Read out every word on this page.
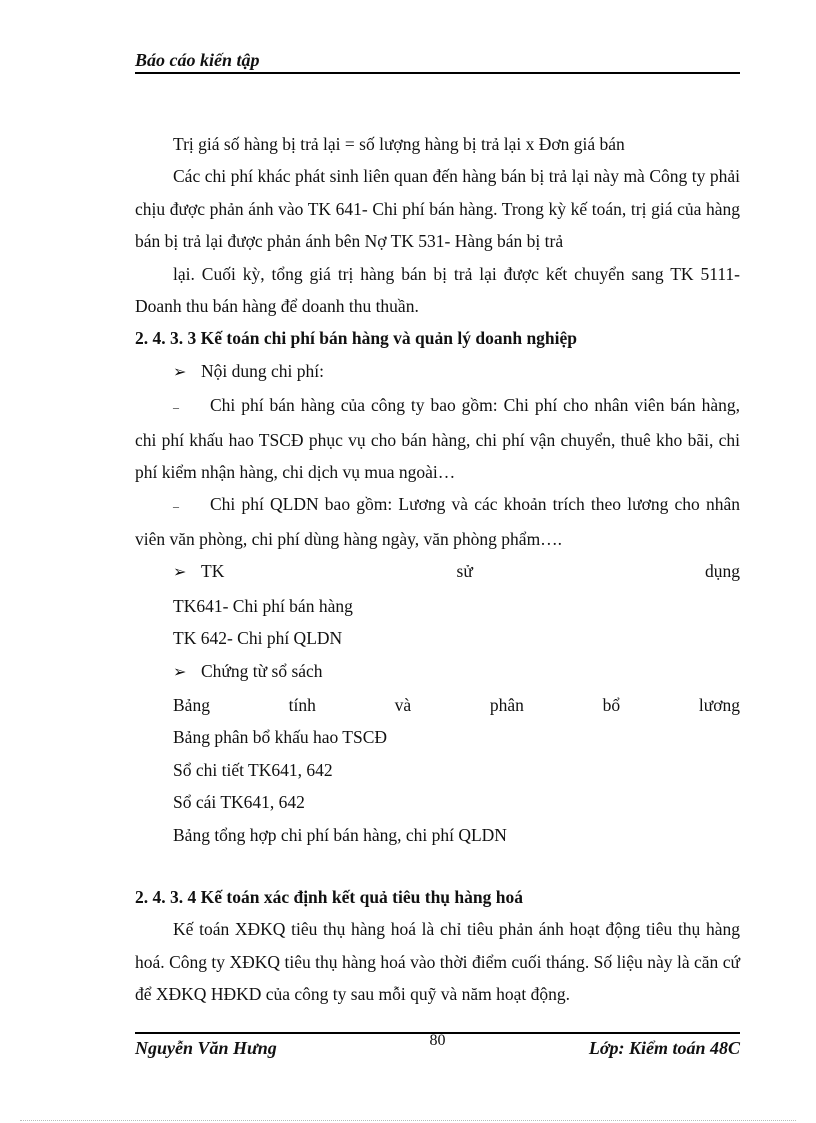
Báo cáo kiến tập

Trị giá số hàng bị trả lại = số lượng hàng bị trả lại x Đơn giá bán

Các chi phí khác phát sinh liên quan đến hàng bán bị trả lại này mà Công ty phải chịu được phản ánh vào TK 641- Chi phí bán hàng. Trong kỳ kế toán, trị giá của hàng bán bị trả lại được phản ánh bên Nợ TK 531- Hàng bán bị trả

lại. Cuối kỳ, tổng giá trị hàng bán bị trả lại được kết chuyển sang TK 5111- Doanh thu bán hàng để doanh thu thuần.

2. 4. 3. 3 Kế toán chi phí bán hàng và quản lý doanh nghiệp

➢ Nội dung chi phí:

– Chi phí bán hàng của công ty bao gồm: Chi phí cho nhân viên bán hàng, chi phí khấu hao TSCĐ phục vụ cho bán hàng, chi phí vận chuyển, thuê kho bãi, chi phí kiểm nhận hàng, chi dịch vụ mua ngoài…

– Chi phí QLDN bao gồm: Lương và các khoản trích theo lương cho nhân viên văn phòng, chi phí dùng hàng ngày, văn phòng phẩm….

➢ TK	sử	dụng

TK641- Chi phí bán hàng

TK 642- Chi phí QLDN

➢ Chứng từ sổ sách

Bảng	tính	và	phân	bổ	lương

Bảng phân bổ khấu hao TSCĐ

Sổ chi tiết TK641, 642

Sổ cái TK641, 642

Bảng tổng hợp chi phí bán hàng, chi phí QLDN

2. 4. 3. 4 Kế toán xác định kết quả tiêu thụ hàng hoá

Kế toán XĐKQ tiêu thụ hàng hoá là chỉ tiêu phản ánh hoạt động tiêu thụ hàng hoá. Công ty XĐKQ tiêu thụ hàng hoá vào thời điểm cuối tháng. Số liệu này là căn cứ để XĐKQ HĐKD của công ty sau mỗi quỹ và năm hoạt động.

Nguyễn Văn Hưng	80	Lớp: Kiểm toán 48C
